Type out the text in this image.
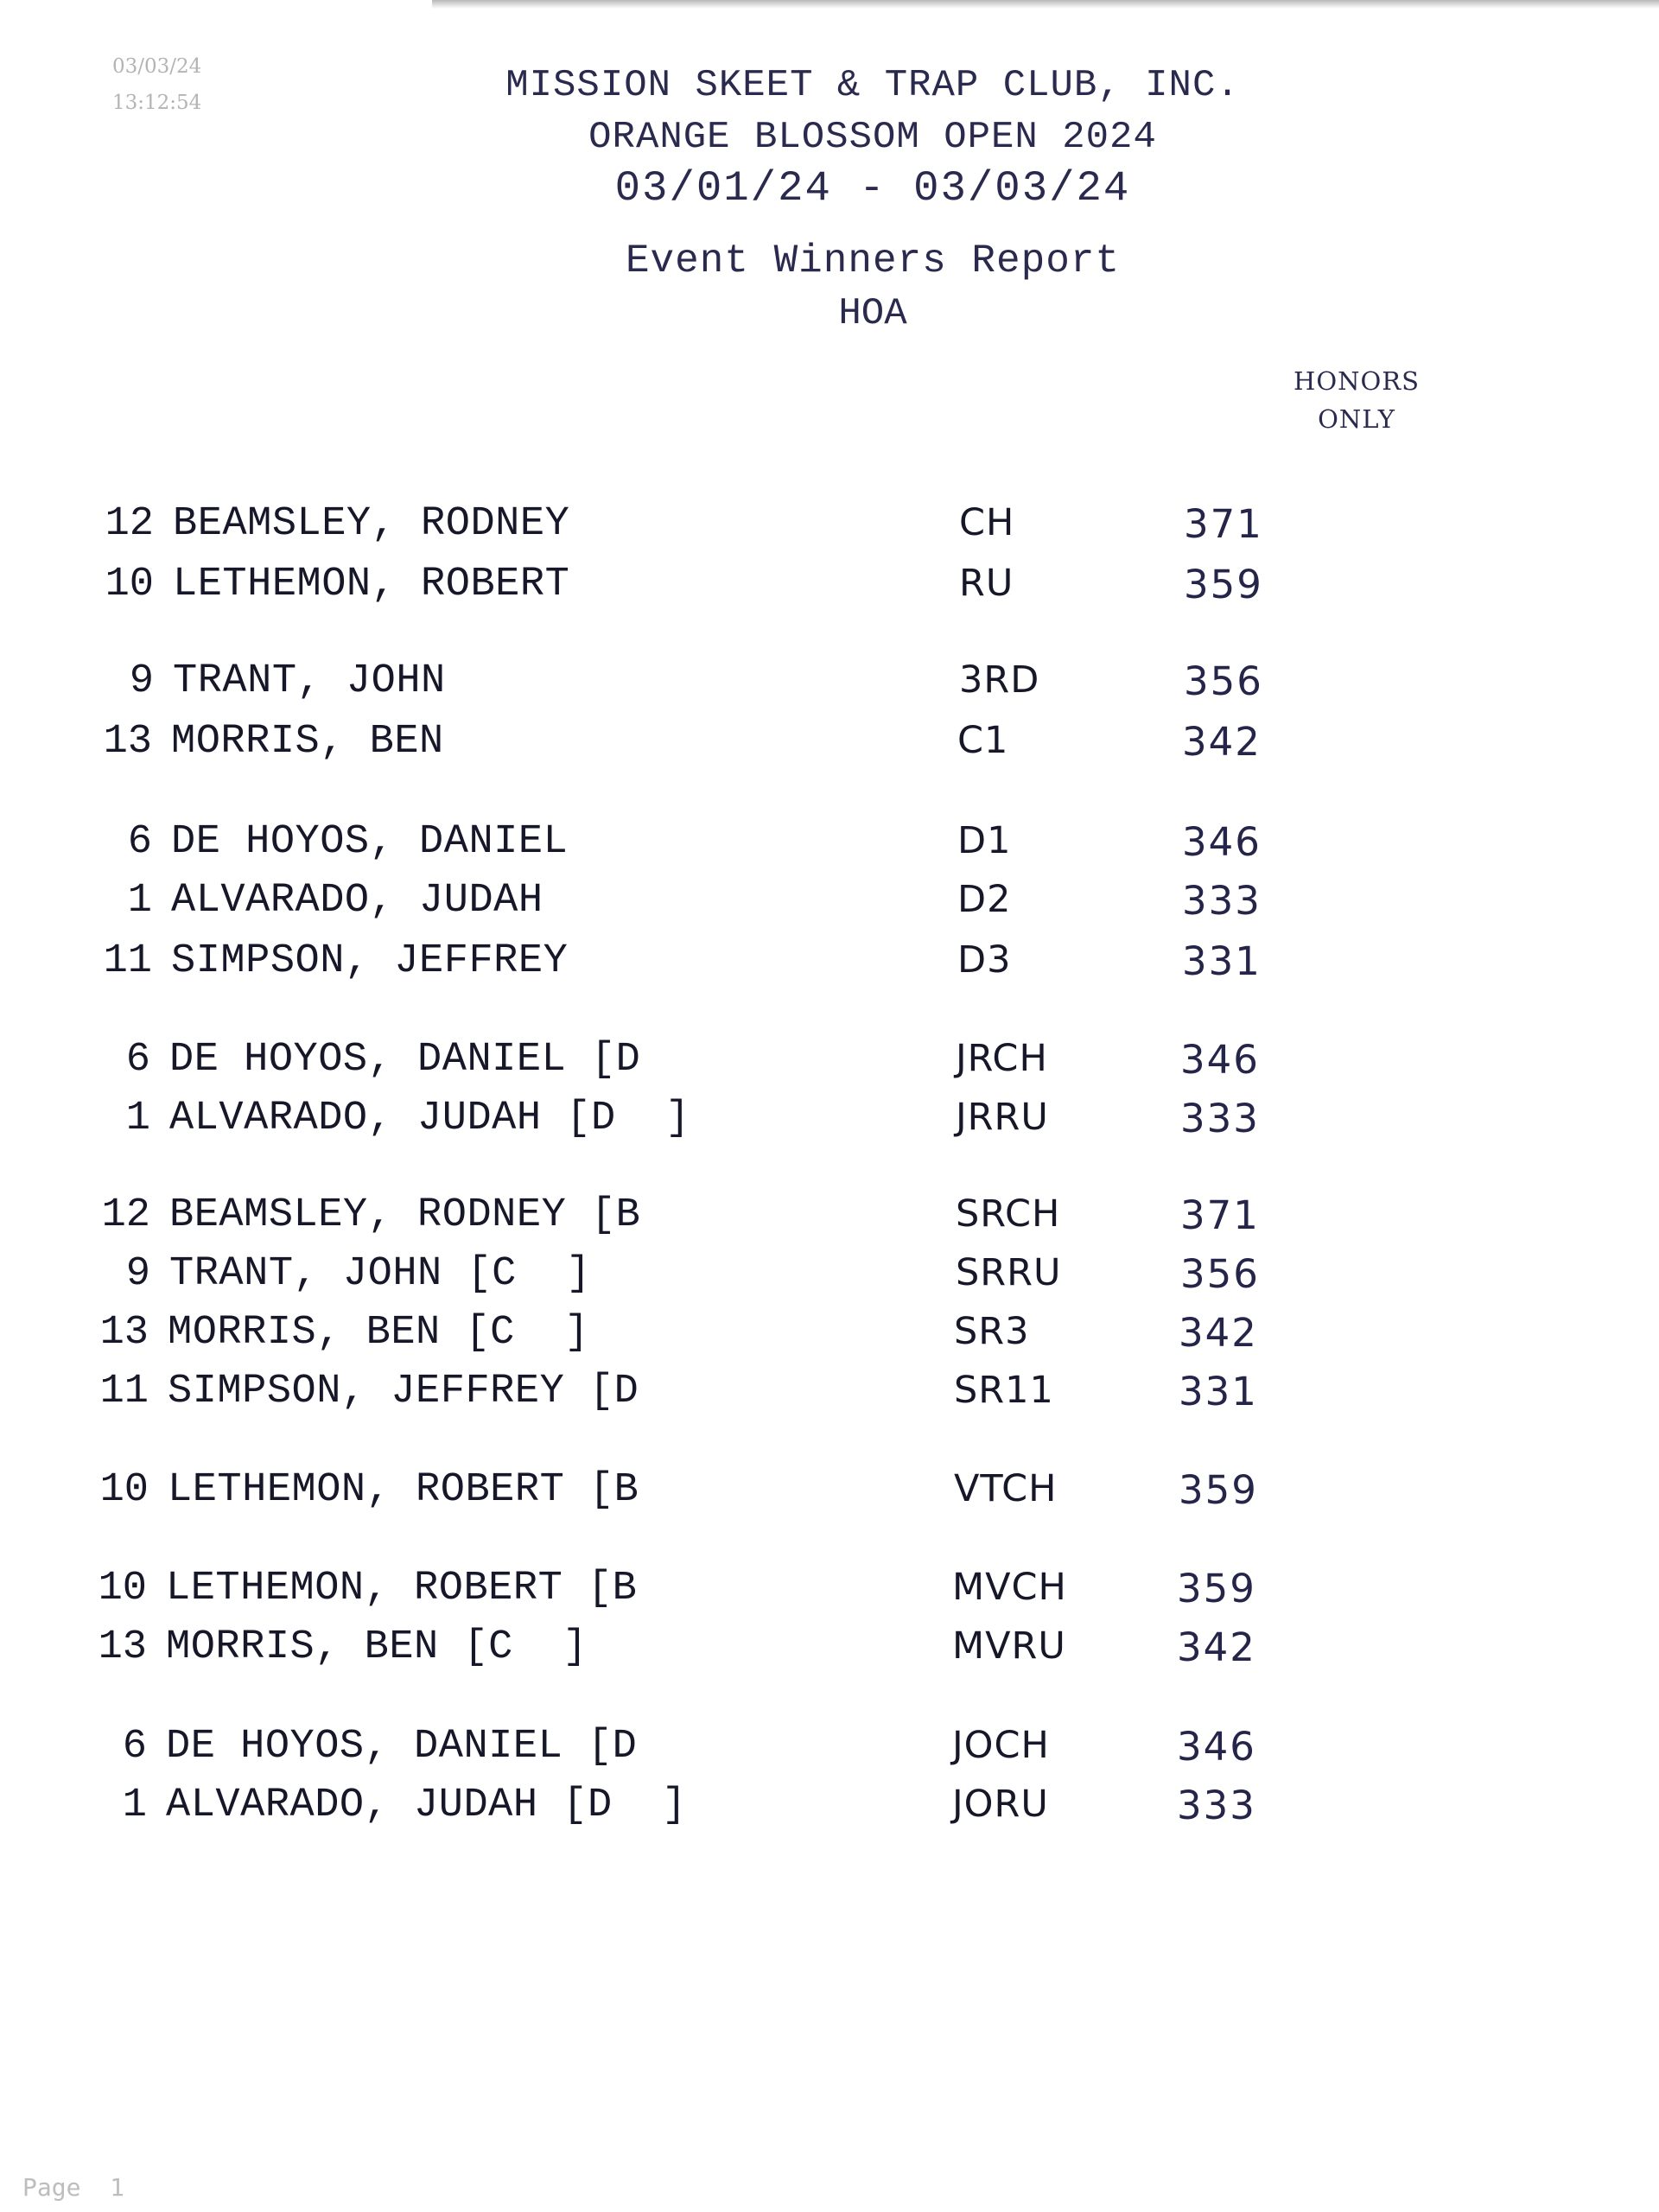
03/03/24
13:12:54	MISSION SKEET & TRAP CLUB, INC.
ORANGE BLOSSOM OPEN 2024
03/01/24 - 03/03/24
Event Winners Report
HOA
HONORS
ONLY
12 BEAMSLEY, RODNEY	CH	371
10 LETHEMON, ROBERT	RU	359
9 TRANT, JOHN	3RD	356
13 MORRIS, BEN	C1	342
6 DE HOYOS, DANIEL	D1	346
1 ALVARADO, JUDAH	D2	333
11 SIMPSON, JEFFREY	D3	331
6 DE HOYOS, DANIEL [D	JRCH	346
1 ALVARADO, JUDAH [D  ]	JRRU	333
12 BEAMSLEY, RODNEY [B	SRCH	371
9 TRANT, JOHN [C  ]	SRRU	356
13 MORRIS, BEN [C  ]	SR3	342
11 SIMPSON, JEFFREY [D	SR11	331
10 LETHEMON, ROBERT [B	VTCH	359
10 LETHEMON, ROBERT [B	MVCH	359
13 MORRIS, BEN [C  ]	MVRU	342
6 DE HOYOS, DANIEL [D	JOCH	346
1 ALVARADO, JUDAH [D  ]	JORU	333
Page 1
